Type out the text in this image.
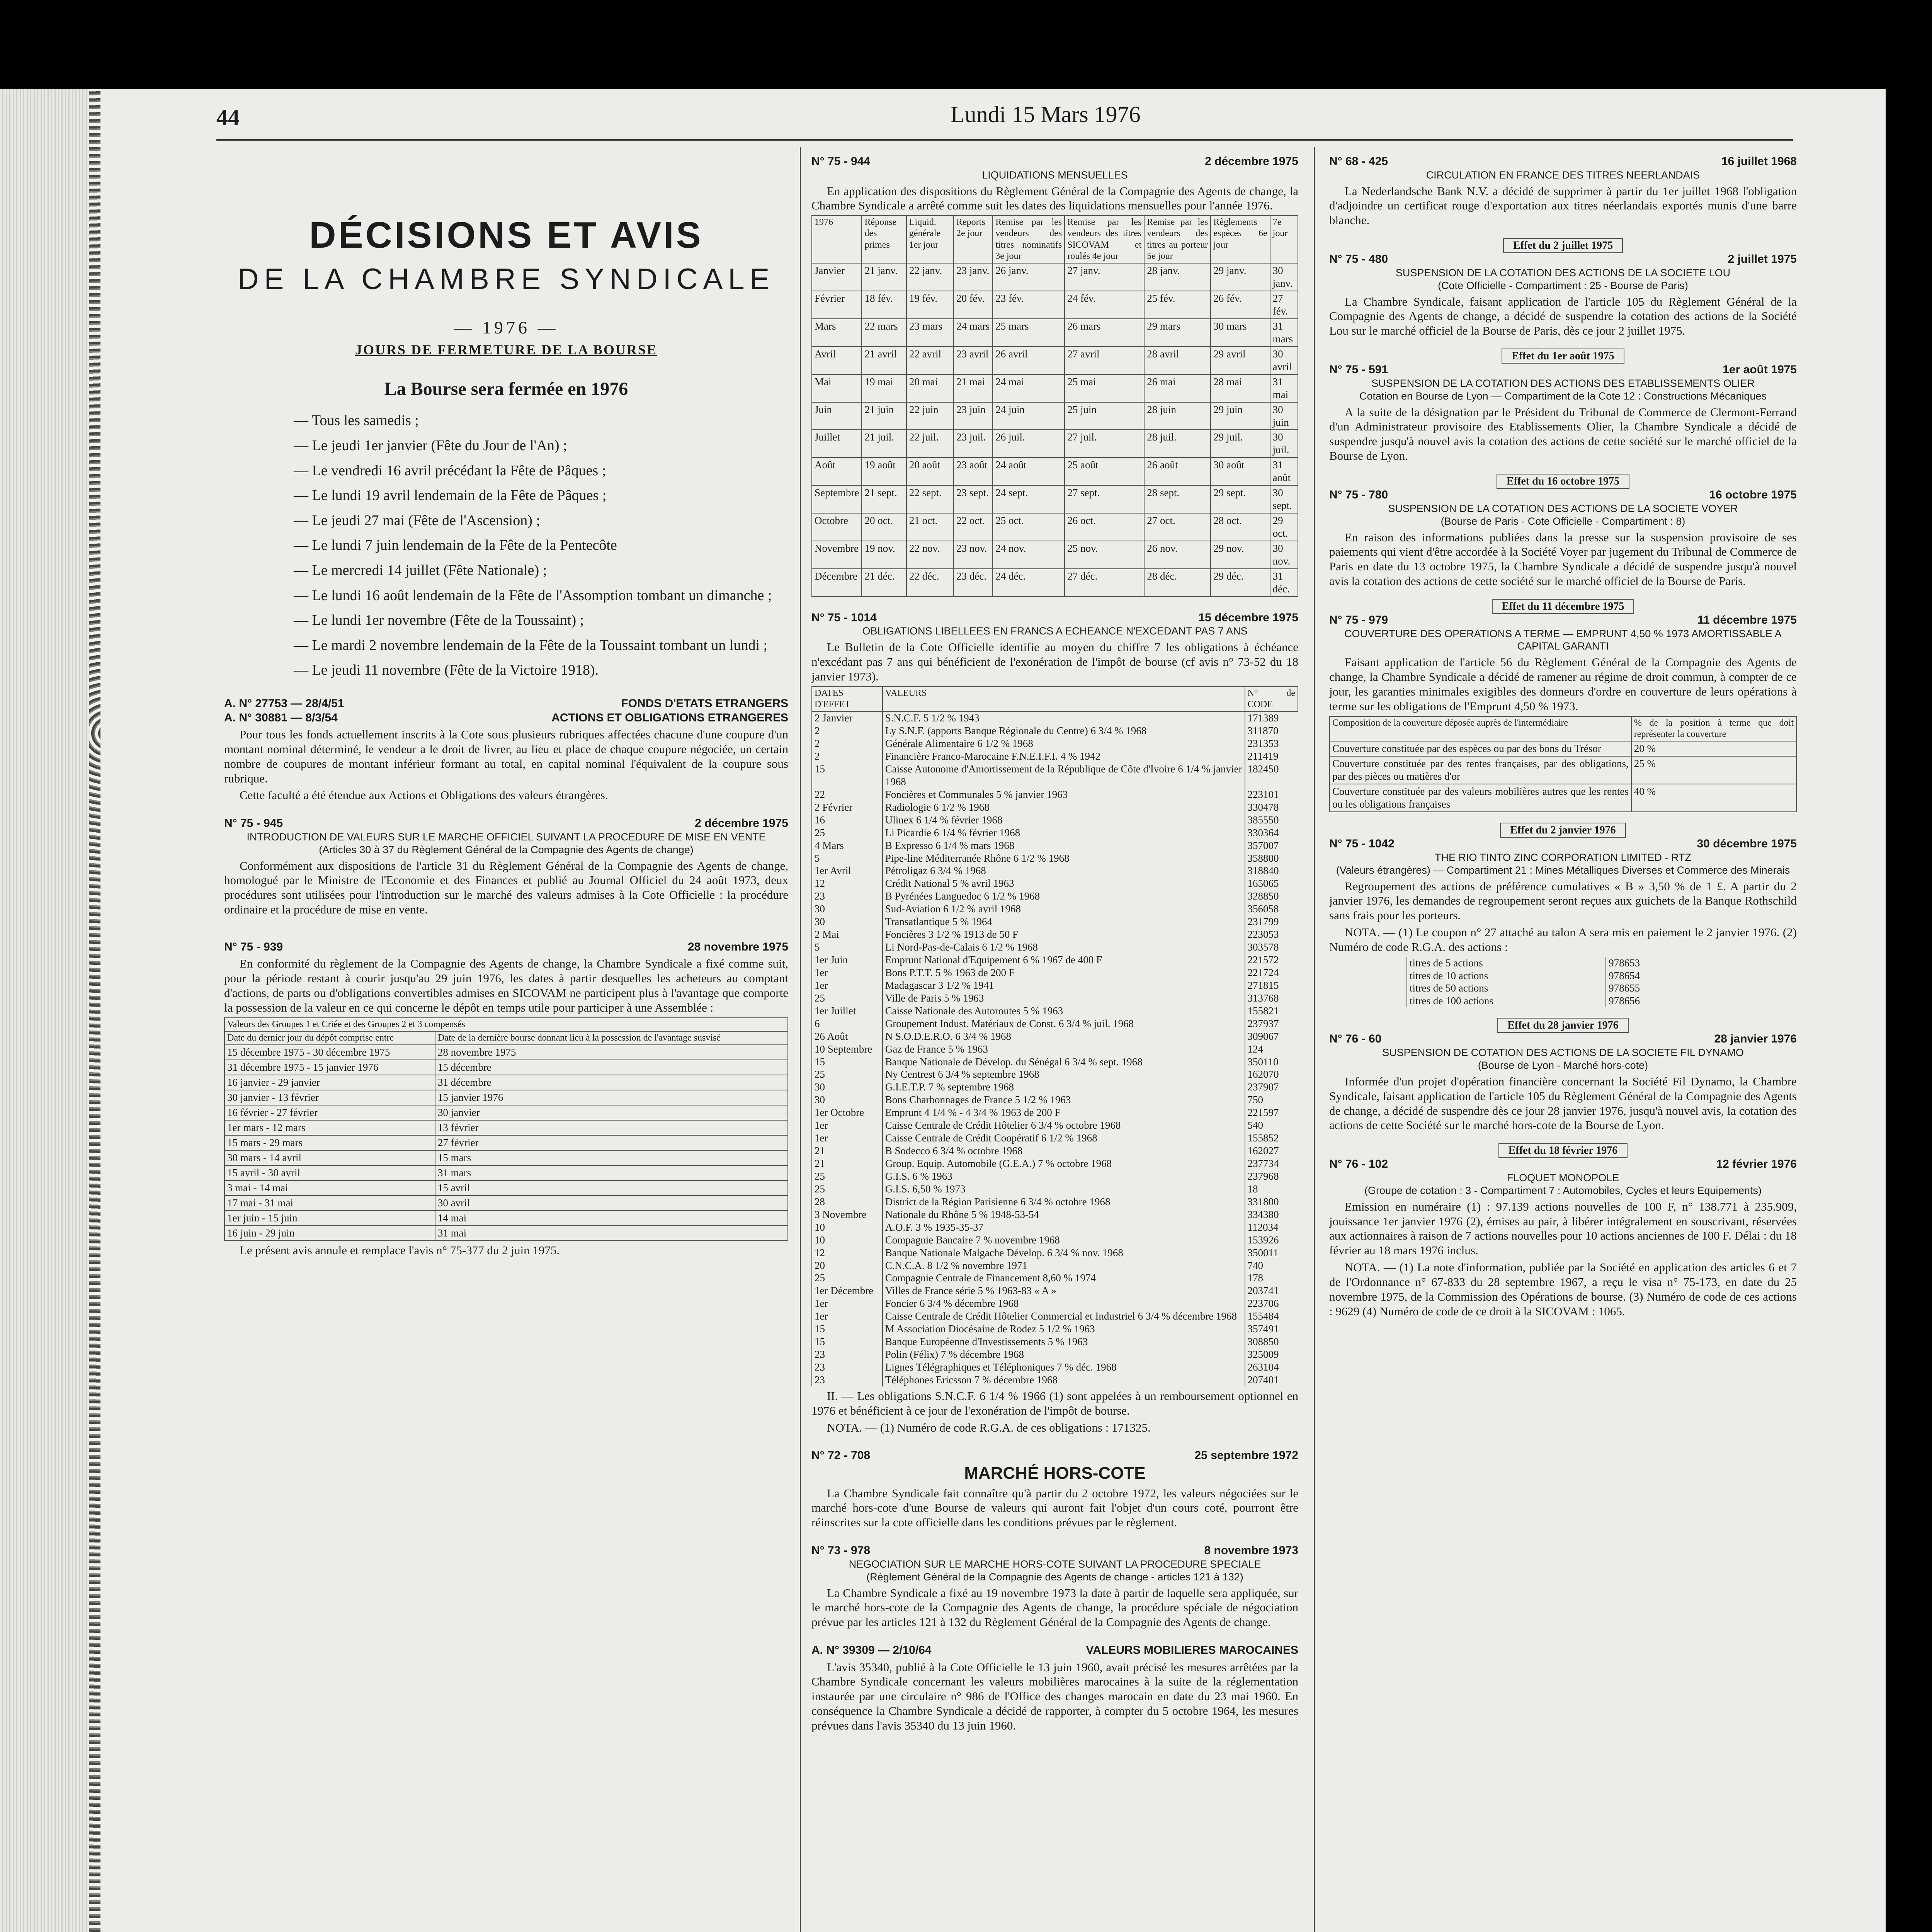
44	Lundi 15 Mars 1976
DÉCISIONS ET AVIS
DE LA CHAMBRE SYNDICALE
— 1976 —
JOURS DE FERMETURE DE LA BOURSE
La Bourse sera fermée en 1976
— Tous les samedis ;
— Le jeudi 1er janvier (Fête du Jour de l'An) ;
— Le vendredi 16 avril précédant la Fête de Pâques ;
— Le lundi 19 avril lendemain de la Fête de Pâques ;
— Le jeudi 27 mai (Fête de l'Ascension) ;
— Le lundi 7 juin lendemain de la Fête de la Pentecôte
— Le mercredi 14 juillet (Fête Nationale) ;
— Le lundi 16 août lendemain de la Fête de l'Assomption tombant un dimanche ;
— Le lundi 1er novembre (Fête de la Toussaint) ;
— Le mardi 2 novembre lendemain de la Fête de la Toussaint tombant un lundi ;
— Le jeudi 11 novembre (Fête de la Victoire 1918).
A. N° 27753 — 28/4/51	FONDS D'ETATS ETRANGERS
A. N° 30881 — 8/3/54	ACTIONS ET OBLIGATIONS ETRANGERES

Pour tous les fonds actuellement inscrits à la Cote sous plusieurs rubriques affectées chacune d'une coupure d'un montant nominal déterminé, le vendeur a le droit de livrer, au lieu et place de chaque coupure négociée, un certain nombre de coupures de montant inférieur formant au total, en capital nominal l'équivalent de la coupure sous rubrique.

Cette faculté a été étendue aux Actions et Obligations des valeurs étrangères.

N° 75 - 945	2 décembre 1975
INTRODUCTION DE VALEURS SUR LE MARCHE OFFICIEL SUIVANT LA PROCEDURE DE MISE EN VENTE
(Articles 30 à 37 du Règlement Général de la Compagnie des Agents de change)

Conformément aux dispositions de l'article 31 du Règlement Général de la Compagnie des Agents de change, homologué par le Ministre de l'Economie et des Finances et publié au Journal Officiel du 24 août 1973, deux procédures sont utilisées pour l'introduction sur le marché des valeurs admises à la Cote Officielle : la procédure ordinaire et la procédure de mise en vente.

N° 75 - 939	28 novembre 1975

En conformité du règlement de la Compagnie des Agents de change, la Chambre Syndicale a fixé comme suit, pour la période restant à courir jusqu'au 29 juin 1976, les dates à partir desquelles les acheteurs au comptant d'actions, de parts ou d'obligations convertibles admises en SICOVAM ne participent plus à l'avantage que comporte la possession de la valeur en ce qui concerne le dépôt en temps utile pour participer à une Assemblée :

Valeurs des Groupes 1 et Criée et des Groupes 2 et 3 compensés	
Date du dernier jour du dépôt comprise entre	Date de la dernière bourse donnant lieu à la possession de l'avantage susvisé
15 décembre 1975 - 30 décembre 1975	28 novembre 1975
31 décembre 1975 - 15 janvier 1976	15 décembre
16 janvier - 29 janvier	31 décembre
30 janvier - 13 février	15 janvier 1976
16 février - 27 février	30 janvier
1er mars - 12 mars	13 février
15 mars - 29 mars	27 février
30 mars - 14 avril	15 mars
15 avril - 30 avril	31 mars
3 mai - 14 mai	15 avril
17 mai - 31 mai	30 avril
1er juin - 15 juin	14 mai
16 juin - 29 juin	31 mai

Le présent avis annule et remplace l'avis n° 75-377 du 2 juin 1975.

N° 75 - 944	2 décembre 1975
LIQUIDATIONS MENSUELLES

En application des dispositions du Règlement Général de la Compagnie des Agents de change, la Chambre Syndicale a arrêté comme suit les dates des liquidations mensuelles pour l'année 1976.

1976	Réponse des primes	Liquid. générale 1er jour	Reports 2e jour	Remise par les vendeurs des titres nominatifs 3e jour	Remise par les vendeurs des titres SICOVAM et roulés 4e jour	Remise par les vendeurs des titres au porteur 5e jour	Règlements espèces 6e jour	7e jour
Janvier	21 janv.	22 janv.	23 janv.	26 janv.	27 janv.	28 janv.	29 janv.	30 janv.
Février	18 fév.	19 fév.	20 fév.	23 fév.	24 fév.	25 fév.	26 fév.	27 fév.
Mars	22 mars	23 mars	24 mars	25 mars	26 mars	29 mars	30 mars	31 mars
Avril	21 avril	22 avril	23 avril	26 avril	27 avril	28 avril	29 avril	30 avril
Mai	19 mai	20 mai	21 mai	24 mai	25 mai	26 mai	28 mai	31 mai
Juin	21 juin	22 juin	23 juin	24 juin	25 juin	28 juin	29 juin	30 juin
Juillet	21 juil.	22 juil.	23 juil.	26 juil.	27 juil.	28 juil.	29 juil.	30 juil.
Août	19 août	20 août	23 août	24 août	25 août	26 août	30 août	31 août
Septembre	21 sept.	22 sept.	23 sept.	24 sept.	27 sept.	28 sept.	29 sept.	30 sept.
Octobre	20 oct.	21 oct.	22 oct.	25 oct.	26 oct.	27 oct.	28 oct.	29 oct.
Novembre	19 nov.	22 nov.	23 nov.	24 nov.	25 nov.	26 nov.	29 nov.	30 nov.
Décembre	21 déc.	22 déc.	23 déc.	24 déc.	27 déc.	28 déc.	29 déc.	31 déc.
N° 75 - 1014	15 décembre 1975
OBLIGATIONS LIBELLEES EN FRANCS A ECHEANCE N'EXCEDANT PAS 7 ANS

Le Bulletin de la Cote Officielle identifie au moyen du chiffre 7 les obligations à échéance n'excédant pas 7 ans qui bénéficient de l'exonération de l'impôt de bourse (cf avis n° 73-52 du 18 janvier 1973).

DATES D'EFFET	VALEURS	N° de CODE
2 Janvier	S.N.C.F. 5 1/2 % 1943	171389
2	Ly S.N.F. (apports Banque Régionale du Centre) 6 3/4 % 1968	311870
2	Générale Alimentaire 6 1/2 % 1968	231353
2	Financière Franco-Marocaine F.N.E.I.F.I. 4 % 1942	211419
15	Caisse Autonome d'Amortissement de la République de Côte d'Ivoire 6 1/4 % janvier 1968	182450
22	Foncières et Communales 5 % janvier 1963	223101
2 Février	Radiologie 6 1/2 % 1968	330478
16	Ulinex 6 1/4 % février 1968	385550
25	Li Picardie 6 1/4 % février 1968	330364
4 Mars	B Expresso 6 1/4 % mars 1968	357007
5	Pipe-line Méditerranée Rhône 6 1/2 % 1968	358800
1er Avril	Pétroligaz 6 3/4 % 1968	318840
12	Crédit National 5 % avril 1963	165065
23	B Pyrénées Languedoc 6 1/2 % 1968	328850
30	Sud-Aviation 6 1/2 % avril 1968	356058
30	Transatlantique 5 % 1964	231799
2 Mai	Foncières 3 1/2 % 1913 de 50 F	223053
5	Li Nord-Pas-de-Calais 6 1/2 % 1968	303578
1er Juin	Emprunt National d'Equipement 6 % 1967 de 400 F	221572
1er	Bons P.T.T. 5 % 1963 de 200 F	221724
1er	Madagascar 3 1/2 % 1941	271815
25	Ville de Paris 5 % 1963	313768
1er Juillet	Caisse Nationale des Autoroutes 5 % 1963	155821
6	Groupement Indust. Matériaux de Const. 6 3/4 % juil. 1968	237937
26 Août	N S.O.D.E.R.O. 6 3/4 % 1968	309067
10 Septembre	Gaz de France 5 % 1963	124
15	Banque Nationale de Dévelop. du Sénégal 6 3/4 % sept. 1968	350110
25	Ny Centrest 6 3/4 % septembre 1968	162070
30	G.I.E.T.P. 7 % septembre 1968	237907
30	Bons Charbonnages de France 5 1/2 % 1963	750
1er Octobre	Emprunt 4 1/4 % - 4 3/4 % 1963 de 200 F	221597
1er	Caisse Centrale de Crédit Hôtelier 6 3/4 % octobre 1968	540
1er	Caisse Centrale de Crédit Coopératif 6 1/2 % 1968	155852
21	B Sodecco 6 3/4 % octobre 1968	162027
21	Group. Equip. Automobile (G.E.A.) 7 % octobre 1968	237734
25	G.I.S. 6 % 1963	237968
25	G.I.S. 6,50 % 1973	18
28	District de la Région Parisienne 6 3/4 % octobre 1968	331800
3 Novembre	Nationale du Rhône 5 % 1948-53-54	334380
10	A.O.F. 3 % 1935-35-37	112034
10	Compagnie Bancaire 7 % novembre 1968	153926
12	Banque Nationale Malgache Dévelop. 6 3/4 % nov. 1968	350011
20	C.N.C.A. 8 1/2 % novembre 1971	740
25	Compagnie Centrale de Financement 8,60 % 1974	178
1er Décembre	Villes de France série 5 % 1963-83 « A »	203741
1er	Foncier 6 3/4 % décembre 1968	223706
1er	Caisse Centrale de Crédit Hôtelier Commercial et Industriel 6 3/4 % décembre 1968	155484
15	M Association Diocésaine de Rodez 5 1/2 % 1963	357491
15	Banque Européenne d'Investissements 5 % 1963	308850
23	Polin (Félix) 7 % décembre 1968	325009
23	Lignes Télégraphiques et Téléphoniques 7 % déc. 1968	263104
23	Téléphones Ericsson 7 % décembre 1968	207401

II. — Les obligations S.N.C.F. 6 1/4 % 1966 (1) sont appelées à un remboursement optionnel en 1976 et bénéficient à ce jour de l'exonération de l'impôt de bourse.

NOTA. — (1) Numéro de code R.G.A. de ces obligations : 171325.

N° 72 - 708	25 septembre 1972
MARCHÉ HORS-COTE

La Chambre Syndicale fait connaître qu'à partir du 2 octobre 1972, les valeurs négociées sur le marché hors-cote d'une Bourse de valeurs qui auront fait l'objet d'un cours coté, pourront être réinscrites sur la cote officielle dans les conditions prévues par le règlement.

N° 73 - 978	8 novembre 1973
NEGOCIATION SUR LE MARCHE HORS-COTE SUIVANT LA PROCEDURE SPECIALE
(Règlement Général de la Compagnie des Agents de change - articles 121 à 132)

La Chambre Syndicale a fixé au 19 novembre 1973 la date à partir de laquelle sera appliquée, sur le marché hors-cote de la Compagnie des Agents de change, la procédure spéciale de négociation prévue par les articles 121 à 132 du Règlement Général de la Compagnie des Agents de change.

A. N° 39309 — 2/10/64	VALEURS MOBILIERES MAROCAINES

L'avis 35340, publié à la Cote Officielle le 13 juin 1960, avait précisé les mesures arrêtées par la Chambre Syndicale concernant les valeurs mobilières marocaines à la suite de la réglementation instaurée par une circulaire n° 986 de l'Office des changes marocain en date du 23 mai 1960. En conséquence la Chambre Syndicale a décidé de rapporter, à compter du 5 octobre 1964, les mesures prévues dans l'avis 35340 du 13 juin 1960.

N° 68 - 425	16 juillet 1968
CIRCULATION EN FRANCE DES TITRES NEERLANDAIS

La Nederlandsche Bank N.V. a décidé de supprimer à partir du 1er juillet 1968 l'obligation d'adjoindre un certificat rouge d'exportation aux titres néerlandais exportés munis d'une barre blanche.

Effet du 2 juillet 1975
N° 75 - 480	2 juillet 1975
SUSPENSION DE LA COTATION DES ACTIONS DE LA SOCIETE LOU
(Cote Officielle - Compartiment : 25 - Bourse de Paris)

La Chambre Syndicale, faisant application de l'article 105 du Règlement Général de la Compagnie des Agents de change, a décidé de suspendre la cotation des actions de la Société Lou sur le marché officiel de la Bourse de Paris, dès ce jour 2 juillet 1975.

Effet du 1er août 1975
N° 75 - 591	1er août 1975
SUSPENSION DE LA COTATION DES ACTIONS DES ETABLISSEMENTS OLIER
Cotation en Bourse de Lyon — Compartiment de la Cote 12 : Constructions Mécaniques

A la suite de la désignation par le Président du Tribunal de Commerce de Clermont-Ferrand d'un Administrateur provisoire des Etablissements Olier, la Chambre Syndicale a décidé de suspendre jusqu'à nouvel avis la cotation des actions de cette société sur le marché officiel de la Bourse de Lyon.

Effet du 16 octobre 1975
N° 75 - 780	16 octobre 1975
SUSPENSION DE LA COTATION DES ACTIONS DE LA SOCIETE VOYER
(Bourse de Paris - Cote Officielle - Compartiment : 8)

En raison des informations publiées dans la presse sur la suspension provisoire de ses paiements qui vient d'être accordée à la Société Voyer par jugement du Tribunal de Commerce de Paris en date du 13 octobre 1975, la Chambre Syndicale a décidé de suspendre jusqu'à nouvel avis la cotation des actions de cette société sur le marché officiel de la Bourse de Paris.

Effet du 11 décembre 1975
N° 75 - 979	11 décembre 1975
COUVERTURE DES OPERATIONS A TERME — EMPRUNT 4,50 % 1973 AMORTISSABLE A CAPITAL GARANTI

Faisant application de l'article 56 du Règlement Général de la Compagnie des Agents de change, la Chambre Syndicale a décidé de ramener au régime de droit commun, à compter de ce jour, les garanties minimales exigibles des donneurs d'ordre en couverture de leurs opérations à terme sur les obligations de l'Emprunt 4,50 % 1973.

Composition de la couverture déposée auprès de l'intermédiaire	% de la position à terme que doit représenter la couverture
Couverture constituée par des espèces ou par des bons du Trésor	20 %
Couverture constituée par des rentes françaises, par des obligations, par des pièces ou matières d'or	25 %
Couverture constituée par des valeurs mobilières autres que les rentes ou les obligations françaises	40 %
Effet du 2 janvier 1976
N° 75 - 1042	30 décembre 1975
THE RIO TINTO ZINC CORPORATION LIMITED - RTZ
(Valeurs étrangères) — Compartiment 21 : Mines Métalliques Diverses et Commerce des Minerais

Regroupement des actions de préférence cumulatives « B » 3,50 % de 1 £. A partir du 2 janvier 1976, les demandes de regroupement seront reçues aux guichets de la Banque Rothschild sans frais pour les porteurs.

NOTA. — (1) Le coupon n° 27 attaché au talon A sera mis en paiement le 2 janvier 1976. (2) Numéro de code R.G.A. des actions :

titres de 5 actions	978653
titres de 10 actions	978654
titres de 50 actions	978655
titres de 100 actions	978656
Effet du 28 janvier 1976
N° 76 - 60	28 janvier 1976
SUSPENSION DE COTATION DES ACTIONS DE LA SOCIETE FIL DYNAMO
(Bourse de Lyon - Marché hors-cote)

Informée d'un projet d'opération financière concernant la Société Fil Dynamo, la Chambre Syndicale, faisant application de l'article 105 du Règlement Général de la Compagnie des Agents de change, a décidé de suspendre dès ce jour 28 janvier 1976, jusqu'à nouvel avis, la cotation des actions de cette Société sur le marché hors-cote de la Bourse de Lyon.

Effet du 18 février 1976
N° 76 - 102	12 février 1976
FLOQUET MONOPOLE
(Groupe de cotation : 3 - Compartiment 7 : Automobiles, Cycles et leurs Equipements)

Emission en numéraire (1) : 97.139 actions nouvelles de 100 F, n° 138.771 à 235.909, jouissance 1er janvier 1976 (2), émises au pair, à libérer intégralement en souscrivant, réservées aux actionnaires à raison de 7 actions nouvelles pour 10 actions anciennes de 100 F. Délai : du 18 février au 18 mars 1976 inclus.

NOTA. — (1) La note d'information, publiée par la Société en application des articles 6 et 7 de l'Ordonnance n° 67-833 du 28 septembre 1967, a reçu le visa n° 75-173, en date du 25 novembre 1975, de la Commission des Opérations de bourse. (3) Numéro de code de ces actions : 9629 (4) Numéro de code de ce droit à la SICOVAM : 1065.
